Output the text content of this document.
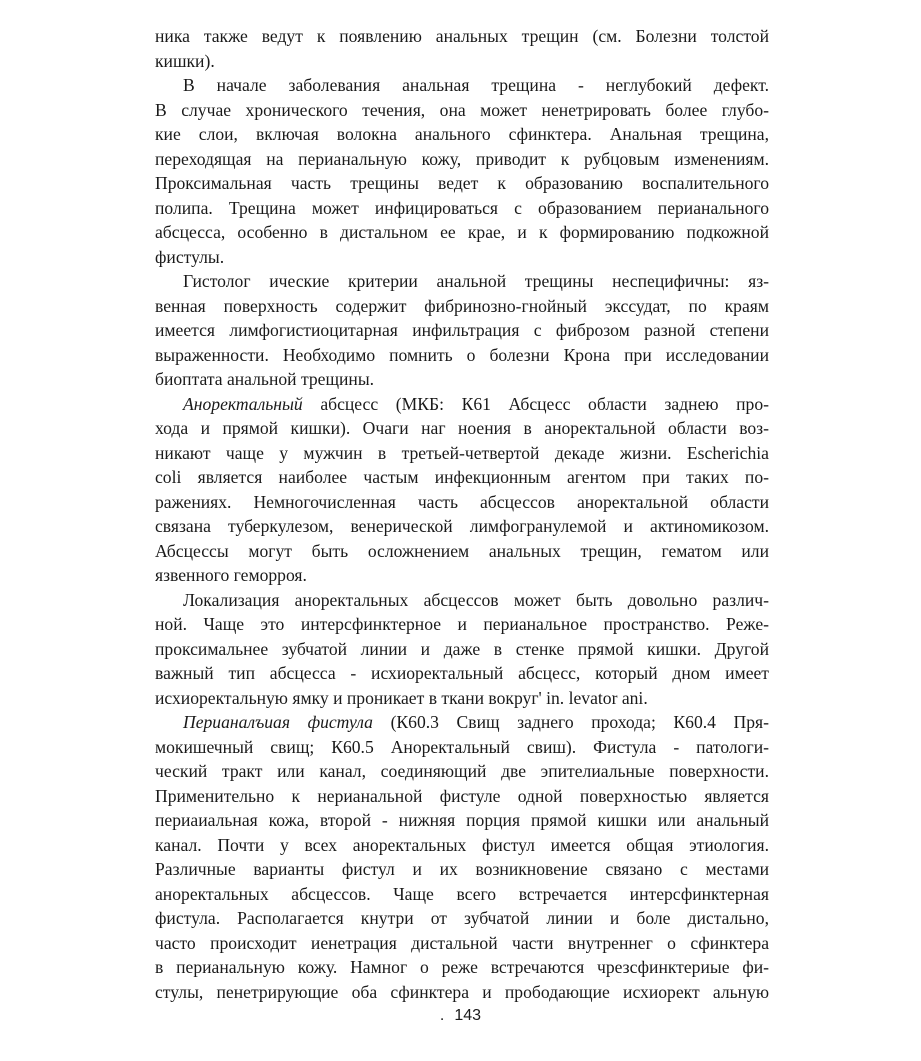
ника также ведут к появлению анальных трещин (см. Болезни толстой
кишки).
В начале заболевания анальная трещина - неглубокий дефект.
В случае хронического течения, она может ненетрировать более глубо-
кие слои, включая волокна анального сфинктера. Анальная трещина,
переходящая на перианальную кожу, приводит к рубцовым изменениям.
Проксимальная часть трещины ведет к образованию воспалительного
полипа. Трещина может инфицироваться с образованием перианального
абсцесса, особенно в дистальном ее крае, и к формированию подкожной
фистулы.
Гистолог ические критерии анальной трещины неспецифичны: яз-
венная поверхность содержит фибринозно-гнойный экссудат, по краям
имеется лимфогистиоцитарная инфильтрация с фиброзом разной степени
выраженности. Необходимо помнить о болезни Крона при исследовании
биоптата анальной трещины.
Аноректальный абсцесс (МКБ: К61 Абсцесс области заднею про-
хода и прямой кишки). Очаги наг ноения в аноректальной области воз-
никают чаще у мужчин в третьей-четвертой декаде жизни. Escherichia
coli является наиболее частым инфекционным агентом при таких по-
ражениях. Немногочисленная часть абсцессов аноректальной области
связана туберкулезом, венерической лимфогранулемой и актиномикозом.
Абсцессы могут быть осложнением анальных трещин, гематом или
язвенного геморроя.
Локализация аноректальных абсцессов может быть довольно различ-
ной. Чаще это интерсфинктерное и перианальное пространство. Реже-
проксимальнее зубчатой линии и даже в стенке прямой кишки. Другой
важный тип абсцесса - исхиоректальный абсцесс, который дном имеет
исхиоректальную ямку и проникает в ткани вокруг' in. levator ani.
Перианалъиая фистула (К60.3 Свищ заднего прохода; К60.4 Пря-
мокишечный свищ; К60.5 Аноректальный свиш). Фистула - патологи-
ческий тракт или канал, соединяющий две эпителиальные поверхности.
Применительно к нерианальной фистуле одной поверхностью является
периаиальная кожа, второй - нижняя порция прямой кишки или анальный
канал. Почти у всех аноректальных фистул имеется общая этиология.
Различные варианты фистул и их возникновение связано с местами
аноректальных абсцессов. Чаще всего встречается интерсфинктерная
фистула. Располагается кнутри от зубчатой линии и боле дистально,
часто происходит иенетрация дистальной части внутреннег о сфинктера
в перианальную кожу. Намног о реже встречаются чрезсфинктериые фи-
стулы, пенетрирующие оба сфинктера и прободающие исхиорект альную
. 143
